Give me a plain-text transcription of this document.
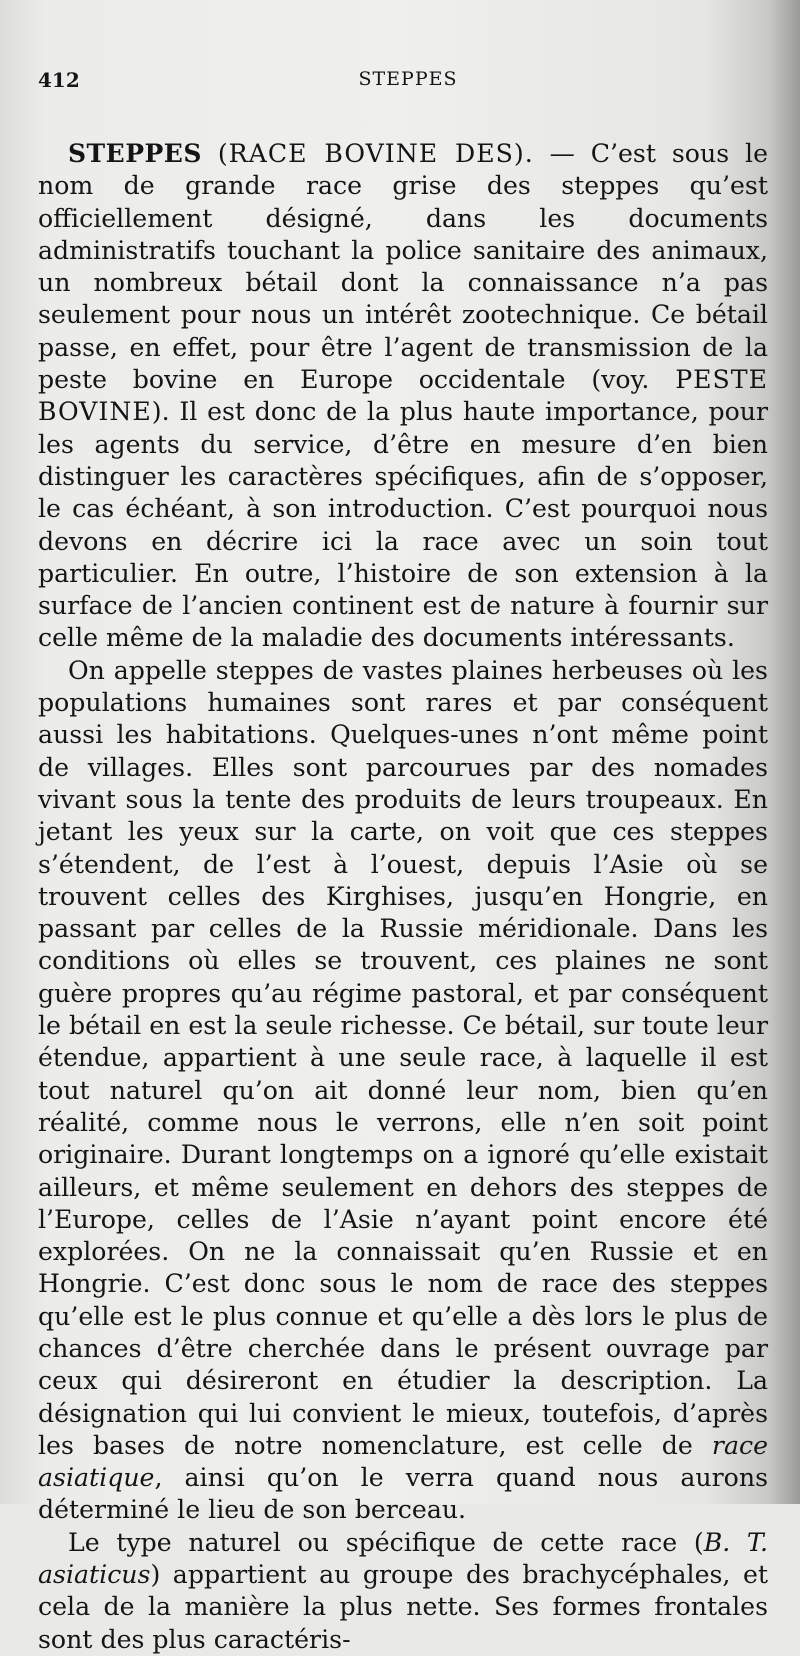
412	STEPPES

STEPPES (RACE BOVINE DES). — C’est sous le nom de grande race grise des steppes qu’est officiellement désigné, dans les documents administratifs touchant la police sanitaire des animaux, un nombreux bétail dont la connaissance n’a pas seulement pour nous un intérêt zootechnique. Ce bétail passe, en effet, pour être l’agent de transmission de la peste bovine en Europe occidentale (voy. PESTE BOVINE). Il est donc de la plus haute importance, pour les agents du service, d’être en mesure d’en bien distinguer les caractères spécifiques, afin de s’opposer, le cas échéant, à son introduction. C’est pourquoi nous devons en décrire ici la race avec un soin tout particulier. En outre, l’histoire de son extension à la surface de l’ancien continent est de nature à fournir sur celle même de la maladie des documents intéressants.

On appelle steppes de vastes plaines herbeuses où les populations humaines sont rares et par conséquent aussi les habitations. Quelques-unes n’ont même point de villages. Elles sont parcourues par des nomades vivant sous la tente des produits de leurs troupeaux. En jetant les yeux sur la carte, on voit que ces steppes s’étendent, de l’est à l’ouest, depuis l’Asie où se trouvent celles des Kirghises, jusqu’en Hongrie, en passant par celles de la Russie méridionale. Dans les conditions où elles se trouvent, ces plaines ne sont guère propres qu’au régime pastoral, et par conséquent le bétail en est la seule richesse. Ce bétail, sur toute leur étendue, appartient à une seule race, à laquelle il est tout naturel qu’on ait donné leur nom, bien qu’en réalité, comme nous le verrons, elle n’en soit point originaire. Durant longtemps on a ignoré qu’elle existait ailleurs, et même seulement en dehors des steppes de l’Europe, celles de l’Asie n’ayant point encore été explorées. On ne la connaissait qu’en Russie et en Hongrie. C’est donc sous le nom de race des steppes qu’elle est le plus connue et qu’elle a dès lors le plus de chances d’être cherchée dans le présent ouvrage par ceux qui désireront en étudier la description. La désignation qui lui convient le mieux, toutefois, d’après les bases de notre nomenclature, est celle de race asiatique, ainsi qu’on le verra quand nous aurons déterminé le lieu de son berceau.

Le type naturel ou spécifique de cette race (B. T. asiaticus) appartient au groupe des brachycéphales, et cela de la manière la plus nette. Ses formes frontales sont des plus caractéris-
